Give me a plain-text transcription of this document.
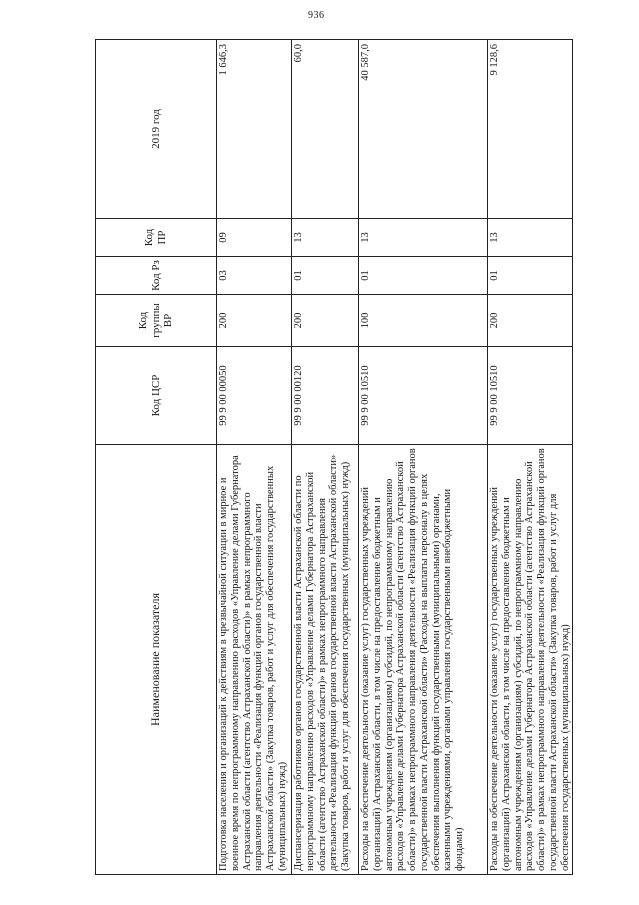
936
Наименование показателя	Код ЦСР	Код группы ВР	Код Рз	Код ПР	2019 год
Подготовка населения и организаций к действиям в чрезвычайной ситуации в мирное и военное время по непрограммному направлению расходов «Управление делами Губернатора Астраханской области (агентство Астраханской области)» в рамках непрограммного направления деятельности «Реализация функций органов государственной власти Астраханской области» (Закупка товаров, работ и услуг для обеспечения государственных (муниципальных) нужд)	99 9 00 00050	200	03	09	1 646,3
Диспансеризация работников органов государственной власти Астраханской области по непрограммному направлению расходов «Управление делами Губернатора Астраханской области (агентство Астраханской области)» в рамках непрограммного направления деятельности «Реализация функций органов государственной власти Астраханской области» (Закупка товаров, работ и услуг для обеспечения государственных (муниципальных) нужд)	99 9 00 00120	200	01	13	60,0
Расходы на обеспечение деятельности (оказание услуг) государственных учреждений (организаций) Астраханской области, в том числе на предоставление бюджетным и автономным учреждениям (организациям) субсидий, по непрограммному направлению расходов «Управление делами Губернатора Астраханской области (агентство Астраханской области)» в рамках непрограммного направления деятельности «Реализация функций органов государственной власти Астраханской области» (Расходы на выплаты персоналу в целях обеспечения выполнения функций государственными (муниципальными) органами, казенными учреждениями, органами управления государственными внебюджетными фондами)	99 9 00 10510	100	01	13	40 587,0
Расходы на обеспечение деятельности (оказание услуг) государственных учреждений (организаций) Астраханской области, в том числе на предоставление бюджетным и автономным учреждениям (организациям) субсидий, по непрограммному направлению расходов «Управление делами Губернатора Астраханской области (агентство Астраханской области)» в рамках непрограммного направления деятельности «Реализация функций органов государственной власти Астраханской области» (Закупка товаров, работ и услуг для обеспечения государственных (муниципальных) нужд)	99 9 00 10510	200	01	13	9 128,6
